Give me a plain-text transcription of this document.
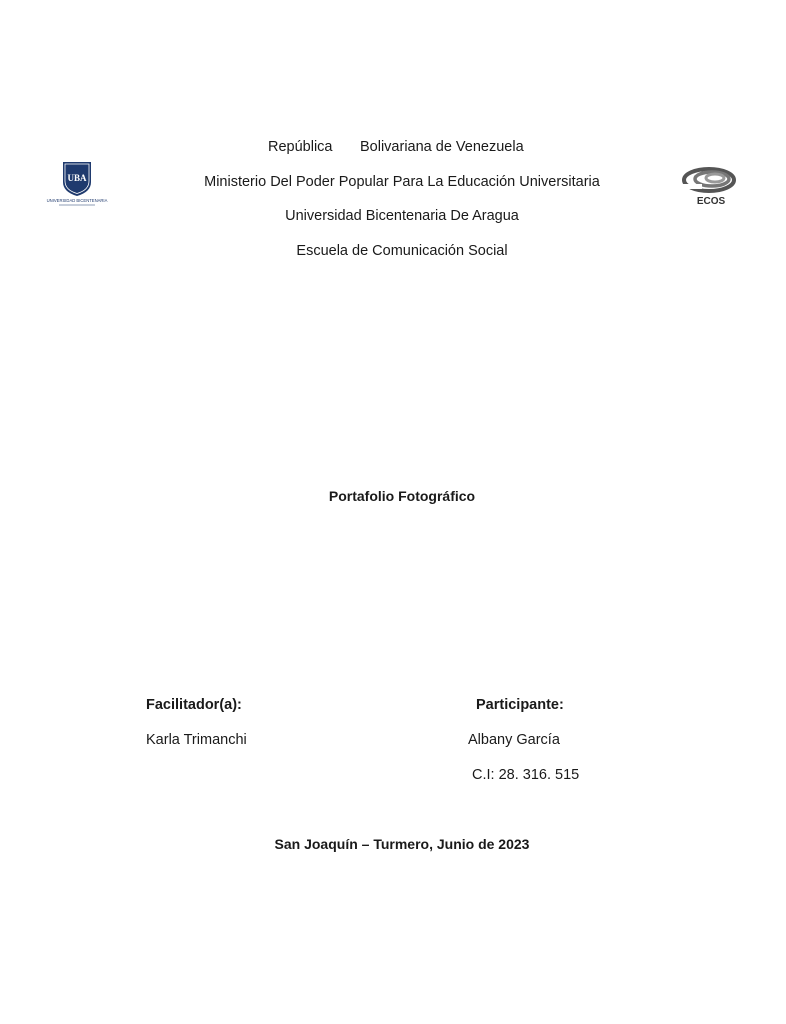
UBA
UNIVERSIDAD BICENTENARIA	ECOS
República Bolivariana de Venezuela
Ministerio Del Poder Popular Para La Educación Universitaria
Universidad Bicentenaria De Aragua
Escuela de Comunicación Social
Portafolio Fotográfico
Facilitador(a):
Karla Trimanchi
Participante:
Albany García
C.I: 28. 316. 515
San Joaquín – Turmero, Junio de 2023
